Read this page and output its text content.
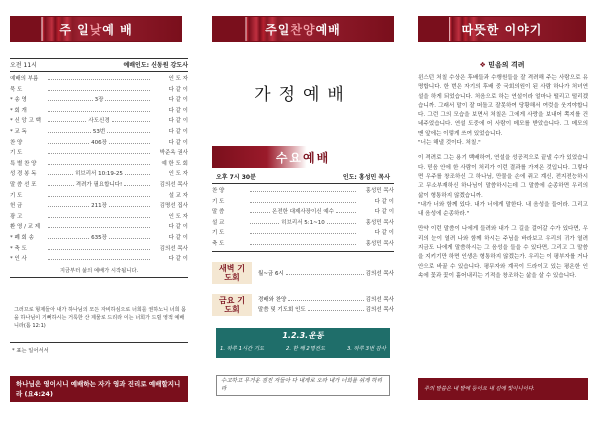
주 일 낮 예 배
오전 11시	예배인도: 신동원 강도사
예배의 부름	인 도 자
묵 도	다 같 이
* 송 영	3장	다 같 이
* 회 개	다 같 이
* 신 앙 고 백	사도신경	다 같 이
* 교 독	53번	다 같 이
찬 양	406장	다 같 이
기 도	박준옥 권사
특 별 찬 양	예 한 도 회
성 경 봉 독	히브리서 10:19-25	인 도 자
말 씀 선 포	격려가 필요합니다!	김의선 목사
기 도	설 교 자
헌 금	211장	김명선 집사
광 고	인 도 자
환 영 / 교 제	다 같 이
* 폐 회 송	635장	다 같 이
* 축 도	김의선 목사
* 인 사	다 같 이
지금부터 삶의 예배가 시작됩니다.
그러므로 형제들아 내가 하나님의 모든 자비하심으로 너희를 권하노니 너희 몸을 하나님이 기뻐하시는 거룩한 산 제물로 드리라 이는 너희가 드릴 영적 예배니라(롬 12:1)
* 표는 일어서서
하나님은 영이시니 예배하는 자가 영과 진리로 예배할지니라 (요4:24)
주일 찬양 예배
가정예배
수요 예배
오후 7시 30분	인도: 홍성민 목사
찬 양	홍성민 목사
기 도	다 같 이
말 씀	온전한 대제사장이신 예수	다 같 이
설 교	히브리서 5:1~10	홍성민 목사
기 도	다 같 이
축 도	홍성민 목사
새벽 기도회	월~금 6시	김의선 목사
금요 기도회
경배와 찬양	김의선 목사
말씀 및 기도회 인도	김의선 목사
1.2.3.운동
1. 하루 1시간 기도	2. 한 해 2명전도	3. 하루 3번 감사
수고하고 무거운 짐진 자들아 다 내게로 오라 내가 너희를 쉬게 하리라
따뜻한 이야기
❖ 믿음의 격려

윈스턴 처칠 수상은 후배들과 수행원들을 잘 격려해 주는 사람으로 유명합니다. 한 번은 자기의 후배 중 국회의원이 된 사람 하나가 처녀연설을 하게 되었습니다. 처음으로 하는 연설이라 얼마나 떨리고 떨리겠습니까. 그래서 말이 잘 떠돌고 잘못하여 당황해서 여럿을 웃겨야합니다. 그런 그의 모습을 보면서 처칠은 그에게 사랑을 보내어 쪽지를 건네주었습니다. 연설 도중에 어 사람이 메모를 받았습니다. 그 메모의 맨 앞에는 이렇게 쓰여 있었습니다.

"너는 해낼 것이다. 처칠."

이 격려로 그는 용기 백배하여, 연설을 성공적으로 끝낼 수가 있었습니다. 믿음 안에 한 사람이 처리가 이런 결과를 가져온 것입니다. 그렇다면 우주를 창조하신 그 하나님, 만물을 손에 쥐고 계신, 전지전능하시고 무소부재하신 하나님이 말씀하시는데 그 말씀에 순종하면 우리의 삶이 형통하지 않겠습니까.

"내가 너와 함께 있다. 내가 너에게 말한다. 내 음성을 들어라. 그리고 내 음성에 순종하라."

만약 이런 말씀이 나에게 들려와 내가 그 길을 걸어갈 수가 있다면, 우리의 눈이 열려 나와 함께 하시는 주님을 바라보고 우리의 귀가 열려 지금도 나에게 말씀하시는 그 음성을 들을 수 있다면, 그리고 그 말씀을 지키기만 하면 인생은 형통하지 않겠는가. 우리는 이 평부자를 거나안으로 바꿀 수 있습니다. 평무자와 계곡이 드라이고 있는 평온한 인 속에 꽃과 꽃이 흩어내리는 기적을 창조하는 삶을 살 수 있습니다.

주의 말씀은 내 발에 등이요 내 길에 빛이니이다.
